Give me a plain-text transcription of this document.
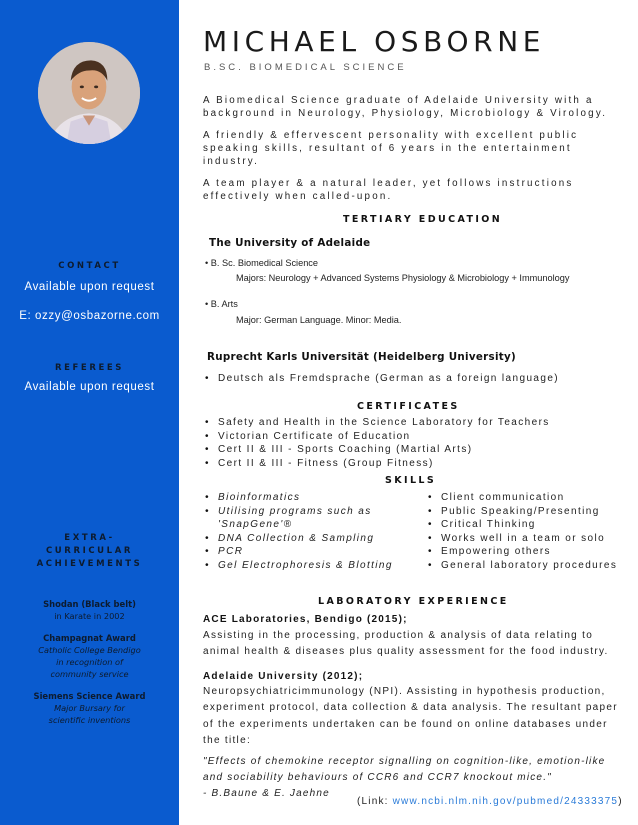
CONTACT
Available upon request
E: ozzy@osbazorne.com
REFEREES
Available upon request
EXTRA-
CURRICULAR
ACHIEVEMENTS
Shodan (Black belt)
in Karate in 2002
Champagnat Award
Catholic College Bendigo
in recognition of
community service
Siemens Science Award
Major Bursary for
scientific inventions
MICHAEL OSBORNE
B.SC. BIOMEDICAL SCIENCE
A Biomedical Science graduate of Adelaide University with a background in Neurology, Physiology, Microbiology & Virology.
A friendly & effervescent personality with excellent public speaking skills, resultant of 6 years in the entertainment industry.
A team player & a natural leader, yet follows instructions effectively when called-upon.
TERTIARY EDUCATION
The University of Adelaide
• B. Sc. Biomedical Science
Majors: Neurology + Advanced Systems Physiology & Microbiology + Immunology
• B. Arts
Major: German Language. Minor: Media.
Ruprecht Karls Universität (Heidelberg University)
• Deutsch als Fremdsprache (German as a foreign language)
CERTIFICATES
• Safety and Health in the Science Laboratory for Teachers
• Victorian Certificate of Education
• Cert II & III - Sports Coaching (Martial Arts)
• Cert II & III - Fitness (Group Fitness)
SKILLS
• Bioinformatics
• Utilising programs such as
'SnapGene'®
• DNA Collection & Sampling
• PCR
• Gel Electrophoresis & Blotting
• Client communication
• Public Speaking/Presenting
• Critical Thinking
• Works well in a team or solo
• Empowering others
• General laboratory procedures
LABORATORY EXPERIENCE
ACE Laboratories, Bendigo (2015);
Assisting in the processing, production & analysis of data relating to animal health & diseases plus quality assessment for the food industry.
Adelaide University (2012);
Neuropsychiatricimmunology (NPI). Assisting in hypothesis production, experiment protocol, data collection & data analysis. The resultant paper of the experiments undertaken can be found on online databases under the title:
"Effects of chemokine receptor signalling on cognition-like, emotion-like and sociability behaviours of CCR6 and CCR7 knockout mice."
- B.Baune & E. Jaehne
(Link: www.ncbi.nlm.nih.gov/pubmed/24333375)
